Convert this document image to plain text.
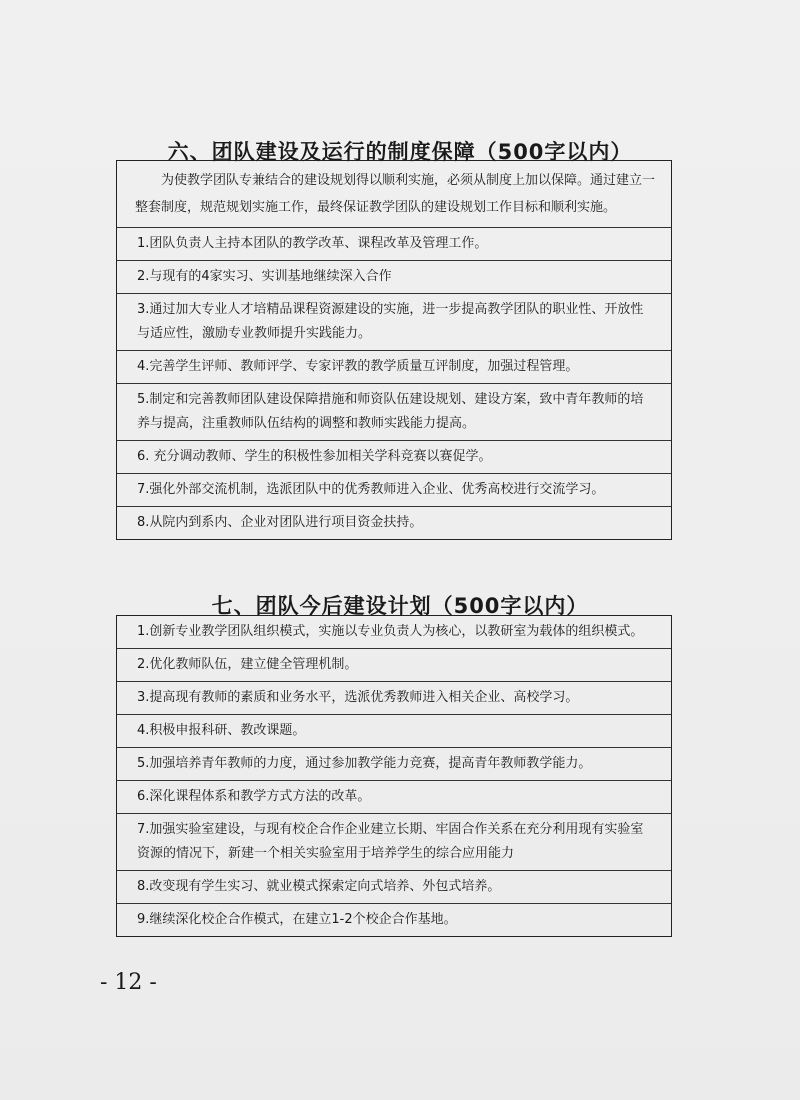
六、团队建设及运行的制度保障（500字以内）
为使教学团队专兼结合的建设规划得以顺利实施，必须从制度上加以保障。通过建立一整套制度，规范规划实施工作，最终保证教学团队的建设规划工作目标和顺利实施。
1.团队负责人主持本团队的教学改革、课程改革及管理工作。
2.与现有的4家实习、实训基地继续深入合作
3.通过加大专业人才培精品课程资源建设的实施，进一步提高教学团队的职业性、开放性与适应性，激励专业教师提升实践能力。
4.完善学生评师、教师评学、专家评教的教学质量互评制度，加强过程管理。
5.制定和完善教师团队建设保障措施和师资队伍建设规划、建设方案，致中青年教师的培养与提高，注重教师队伍结构的调整和教师实践能力提高。
6. 充分调动教师、学生的积极性参加相关学科竞赛以赛促学。
7.强化外部交流机制，选派团队中的优秀教师进入企业、优秀高校进行交流学习。
8.从院内到系内、企业对团队进行项目资金扶持。
七、团队今后建设计划（500字以内）
1.创新专业教学团队组织模式，实施以专业负责人为核心，以教研室为载体的组织模式。
2.优化教师队伍，建立健全管理机制。
3.提高现有教师的素质和业务水平，选派优秀教师进入相关企业、高校学习。
4.积极申报科研、教改课题。
5.加强培养青年教师的力度，通过参加教学能力竞赛，提高青年教师教学能力。
6.深化课程体系和教学方式方法的改革。
7.加强实验室建设，与现有校企合作企业建立长期、牢固合作关系在充分利用现有实验室资源的情况下，新建一个相关实验室用于培养学生的综合应用能力
8.改变现有学生实习、就业模式探索定向式培养、外包式培养。
9.继续深化校企合作模式，在建立1-2个校企合作基地。
- 12 -
